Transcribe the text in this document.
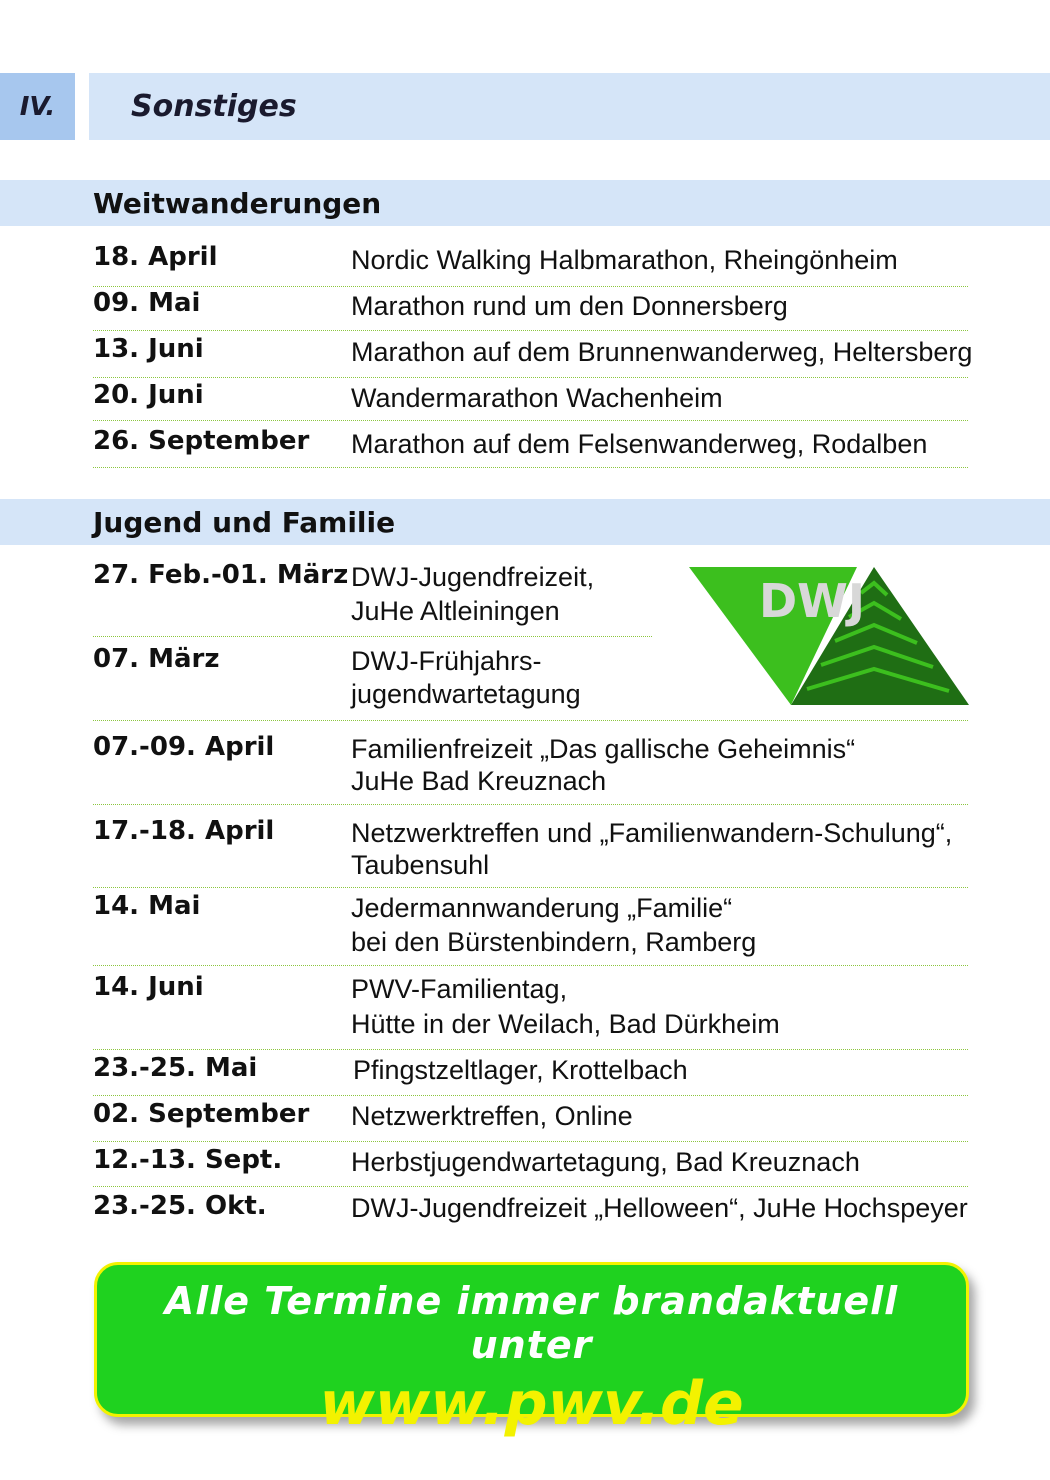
IV.	Sonstiges
Weitwanderungen
18. April	Nordic Walking Halbmarathon, Rheingönheim
09. Mai	Marathon rund um den Donnersberg
13. Juni	Marathon auf dem Brunnenwanderweg, Heltersberg
20. Juni	Wandermarathon Wachenheim
26. September Marathon auf dem Felsenwanderweg, Rodalben
Jugend und Familie
27. Feb.-01. März DWJ-Jugendfreizeit,
JuHe Altleiningen
07. März	DWJ-Frühjahrs-
jugendwartetagung
DWJ
07.-09. April	Familienfreizeit „Das gallische Geheimnis“
JuHe Bad Kreuznach
17.-18. April	Netzwerktreffen und „Familienwandern-Schulung“,
Taubensuhl
14. Mai	Jedermannwanderung „Familie“
bei den Bürstenbindern, Ramberg
14. Juni	PWV-Familientag,
Hütte in der Weilach, Bad Dürkheim
23.-25. Mai	Pfingstzeltlager, Krottelbach
02. September Netzwerktreffen, Online
12.-13. Sept.	Herbstjugendwartetagung, Bad Kreuznach
23.-25. Okt.	DWJ-Jugendfreizeit „Helloween“, JuHe Hochspeyer
Alle Termine immer brandaktuell unter
www.pwv.de
